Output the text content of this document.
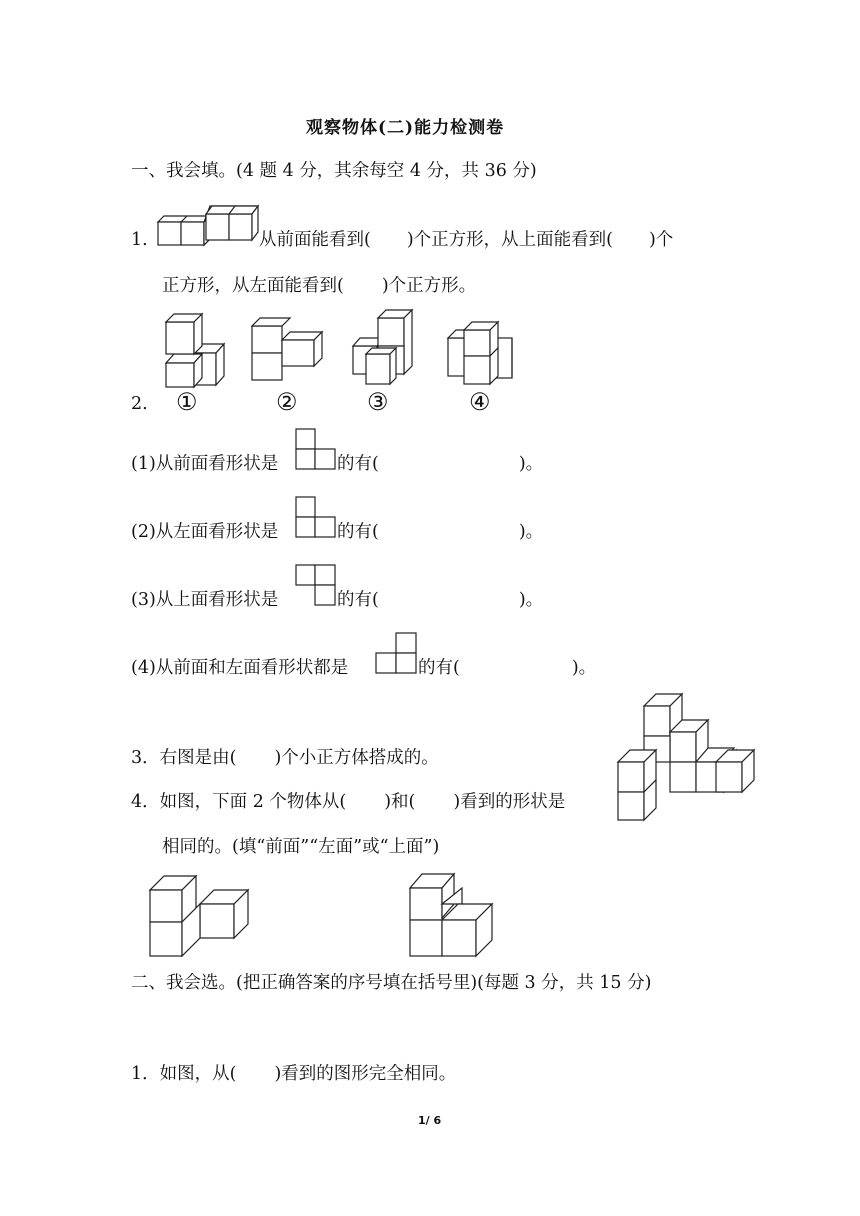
观察物体(二)能力检测卷
一、我会填。(4 题 4 分，其余每空 4 分，共 36 分)
1.	从前面能看到( )个正方形，从上面能看到( )个
正方形，从左面能看到( )个正方形。
2. ①	②	③	④
(1)从前面看形状是	的有(	)。
(2)从左面看形状是	的有(	)。
(3)从上面看形状是	的有(	)。
(4)从前面和左面看形状都是	的有(	)。
3．右图是由( )个小正方体搭成的。
4．如图，下面 2 个物体从( )和( )看到的形状是
相同的。(填“前面”“左面”或“上面”)
二、我会选。(把正确答案的序号填在括号里)(每题 3 分，共 15 分)
1．如图，从( )看到的图形完全相同。
1/ 6
